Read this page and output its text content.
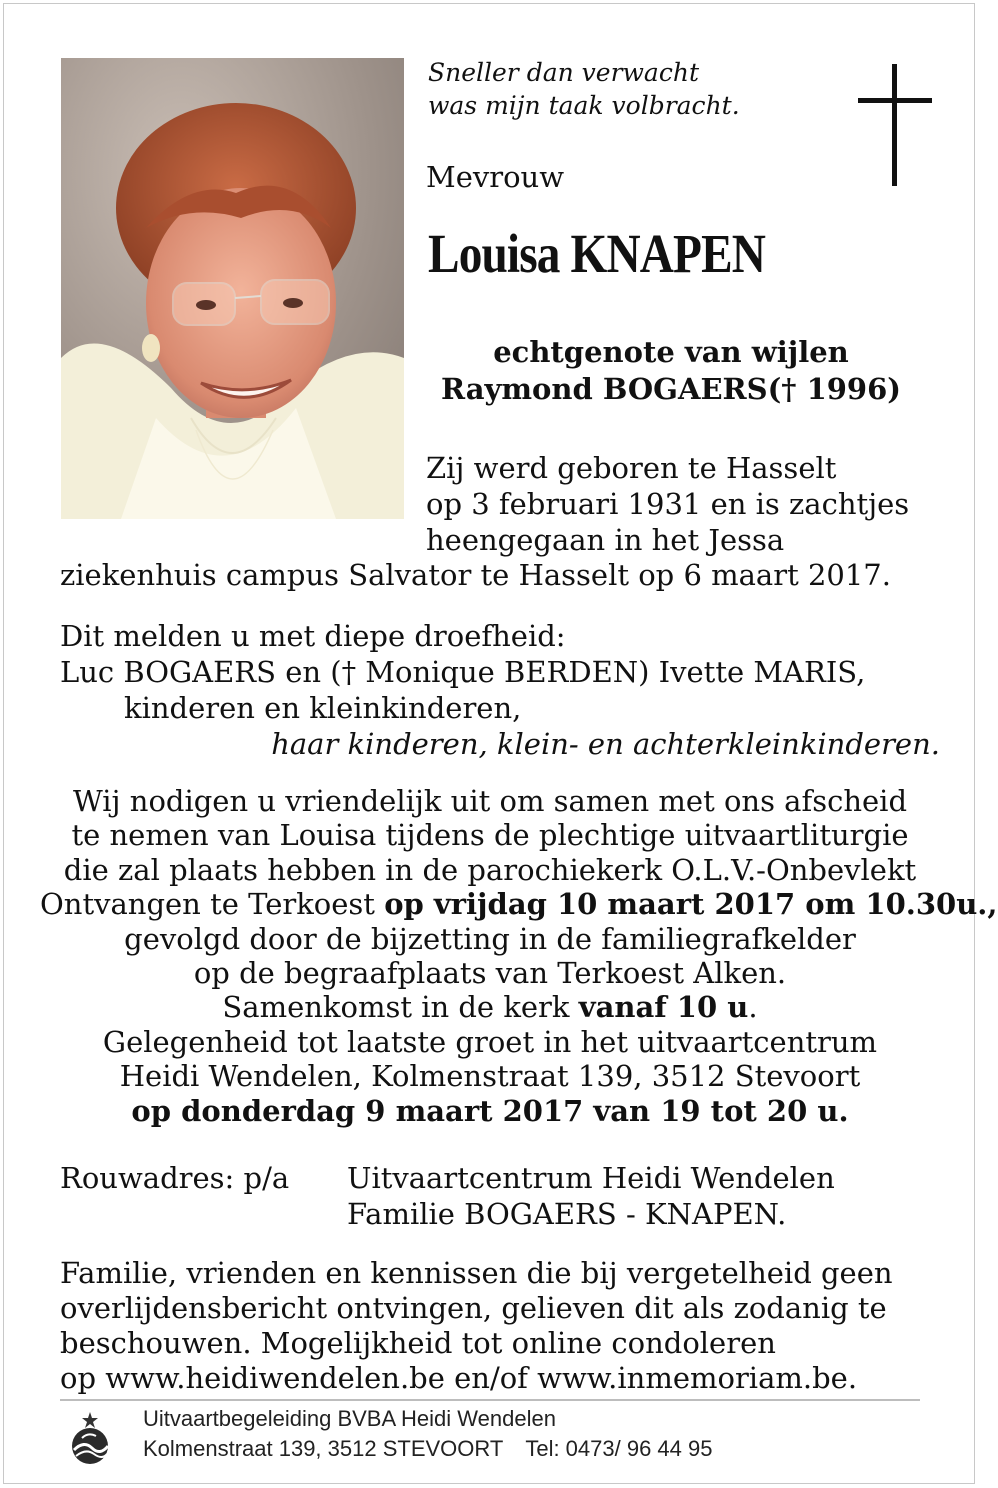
Sneller dan verwacht
was mijn taak volbracht.
Mevrouw
Louisa KNAPEN
echtgenote van wijlen
Raymond BOGAERS(† 1996)
Zij werd geboren te Hasselt
op 3 februari 1931 en is zachtjes
heengegaan in het Jessa
ziekenhuis campus Salvator te Hasselt op 6 maart 2017.
Dit melden u met diepe droefheid:
Luc BOGAERS en († Monique BERDEN) Ivette MARIS,
kinderen en kleinkinderen,
haar kinderen, klein- en achterkleinkinderen.
Wij nodigen u vriendelijk uit om samen met ons afscheid
te nemen van Louisa tijdens de plechtige uitvaartliturgie
die zal plaats hebben in de parochiekerk O.L.V.-Onbevlekt
Ontvangen te Terkoest op vrijdag 10 maart 2017 om 10.30u.,
gevolgd door de bijzetting in de familiegrafkelder
op de begraafplaats van Terkoest Alken.
Samenkomst in de kerk vanaf 10 u.
Gelegenheid tot laatste groet in het uitvaartcentrum
Heidi Wendelen, Kolmenstraat 139, 3512 Stevoort
op donderdag 9 maart 2017 van 19 tot 20 u.
Rouwadres: p/a Uitvaartcentrum Heidi Wendelen
Familie BOGAERS - KNAPEN.
Familie, vrienden en kennissen die bij vergetelheid geen
overlijdensbericht ontvingen, gelieven dit als zodanig te
beschouwen. Mogelijkheid tot online condoleren
op www.heidiwendelen.be en/of www.inmemoriam.be.
Uitvaartbegeleiding BVBA Heidi Wendelen
Kolmenstraat 139, 3512 STEVOORT Tel: 0473/ 96 44 95
